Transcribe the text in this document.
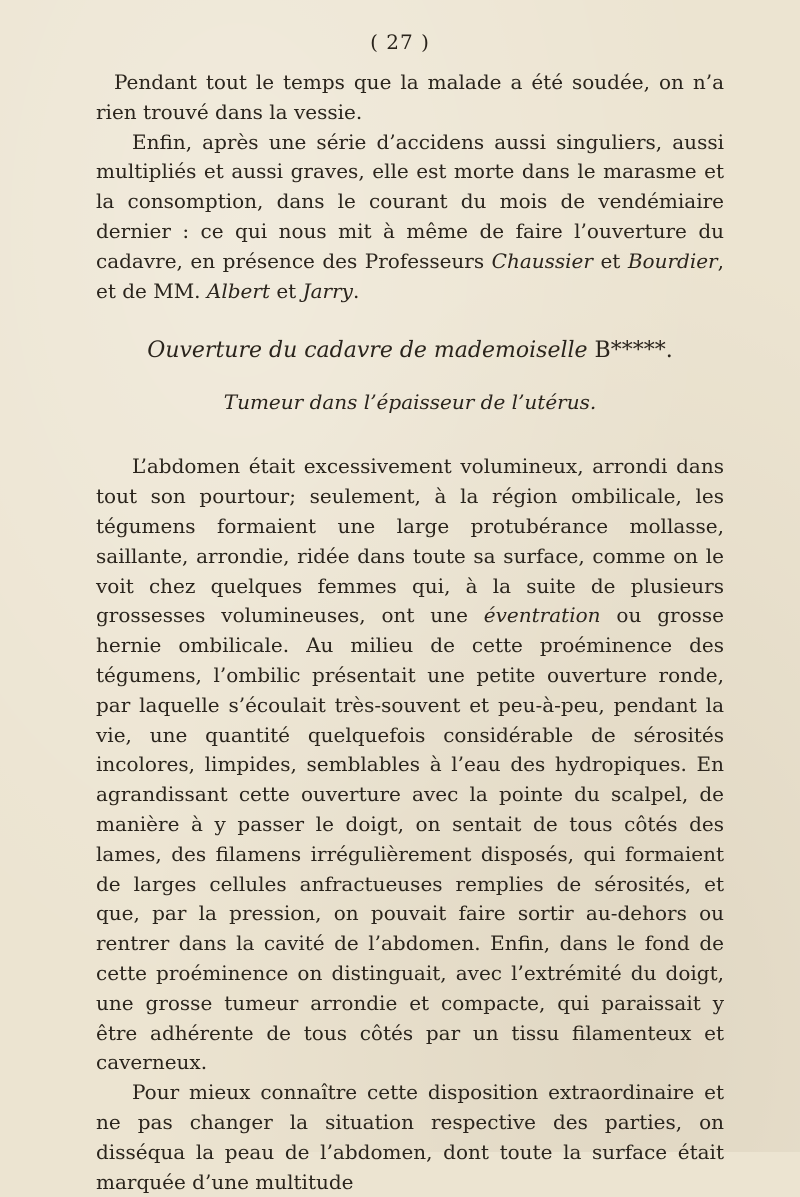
( 27 )

Pendant tout le temps que la malade a été soudée, on n’a rien trouvé dans la vessie.

Enfin, après une série d’accidens aussi singuliers, aussi multipliés et aussi graves, elle est morte dans le marasme et la consomption, dans le courant du mois de vendémiaire dernier : ce qui nous mit à même de faire l’ouverture du cadavre, en présence des Professeurs Chaussier et Bourdier, et de MM. Albert et Jarry.

Ouverture du cadavre de mademoiselle B*****.
Tumeur dans l’épaisseur de l’utérus.

L’abdomen était excessivement volumineux, arrondi dans tout son pourtour; seulement, à la région ombilicale, les tégumens formaient une large protubérance mollasse, saillante, arrondie, ridée dans toute sa surface, comme on le voit chez quelques femmes qui, à la suite de plusieurs grossesses volumineuses, ont une éventration ou grosse hernie ombilicale. Au milieu de cette proéminence des tégumens, l’ombilic présentait une petite ouverture ronde, par laquelle s’écoulait très-souvent et peu-à-peu, pendant la vie, une quantité quelquefois considérable de sérosités incolores, limpides, semblables à l’eau des hydropiques. En agrandissant cette ouverture avec la pointe du scalpel, de manière à y passer le doigt, on sentait de tous côtés des lames, des filamens irrégulièrement disposés, qui formaient de larges cellules anfractueuses remplies de sérosités, et que, par la pression, on pouvait faire sortir au-dehors ou rentrer dans la cavité de l’abdomen. Enfin, dans le fond de cette proéminence on distinguait, avec l’extrémité du doigt, une grosse tumeur arrondie et compacte, qui paraissait y être adhérente de tous côtés par un tissu filamenteux et caverneux.

Pour mieux connaître cette disposition extraordinaire et ne pas changer la situation respective des parties, on disséqua la peau de l’abdomen, dont toute la surface était marquée d’une multitude
